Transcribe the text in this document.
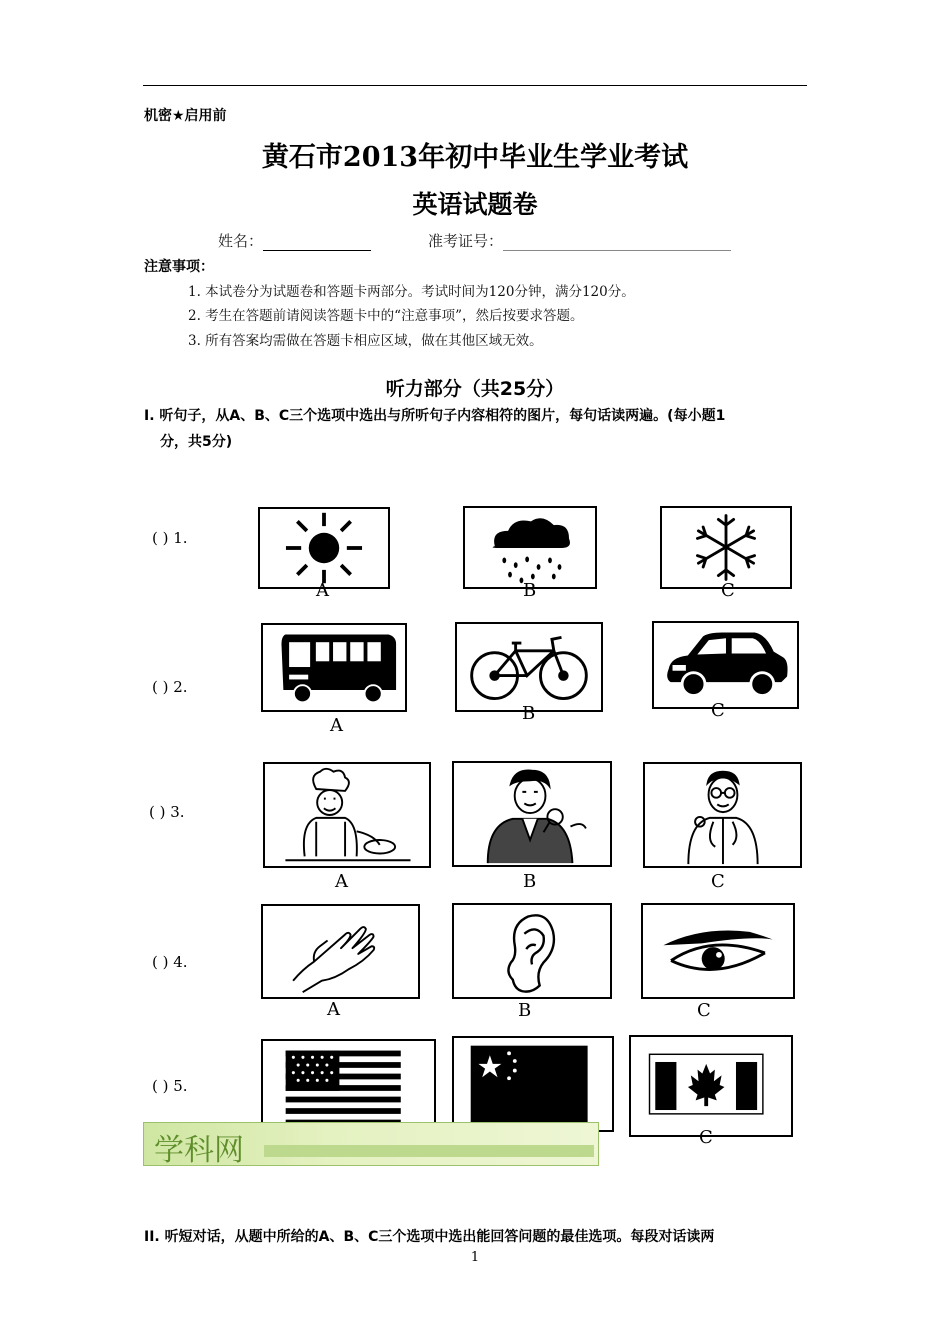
机密★启用前
黄石市2013年初中毕业生学业考试
英语试题卷
姓名：	准考证号：
注意事项：
1. 本试卷分为试题卷和答题卡两部分。考试时间为120分钟，满分120分。
2. 考生在答题前请阅读答题卡中的“注意事项”，然后按要求答题。
3. 所有答案均需做在答题卡相应区域，做在其他区域无效。
听力部分（共25分）
I. 听句子，从A、B、C三个选项中选出与所听句子内容相符的图片，每句话读两遍。(每小题1
分，共5分)
( ) 1.
( ) 2.
( ) 3.
( ) 4.
( ) 5.
A	B	C
A
B	C
A	B	C
A	B	C
C
学科网
II. 听短对话，从题中所给的A、B、C三个选项中选出能回答问题的最佳选项。每段对话读两
1
